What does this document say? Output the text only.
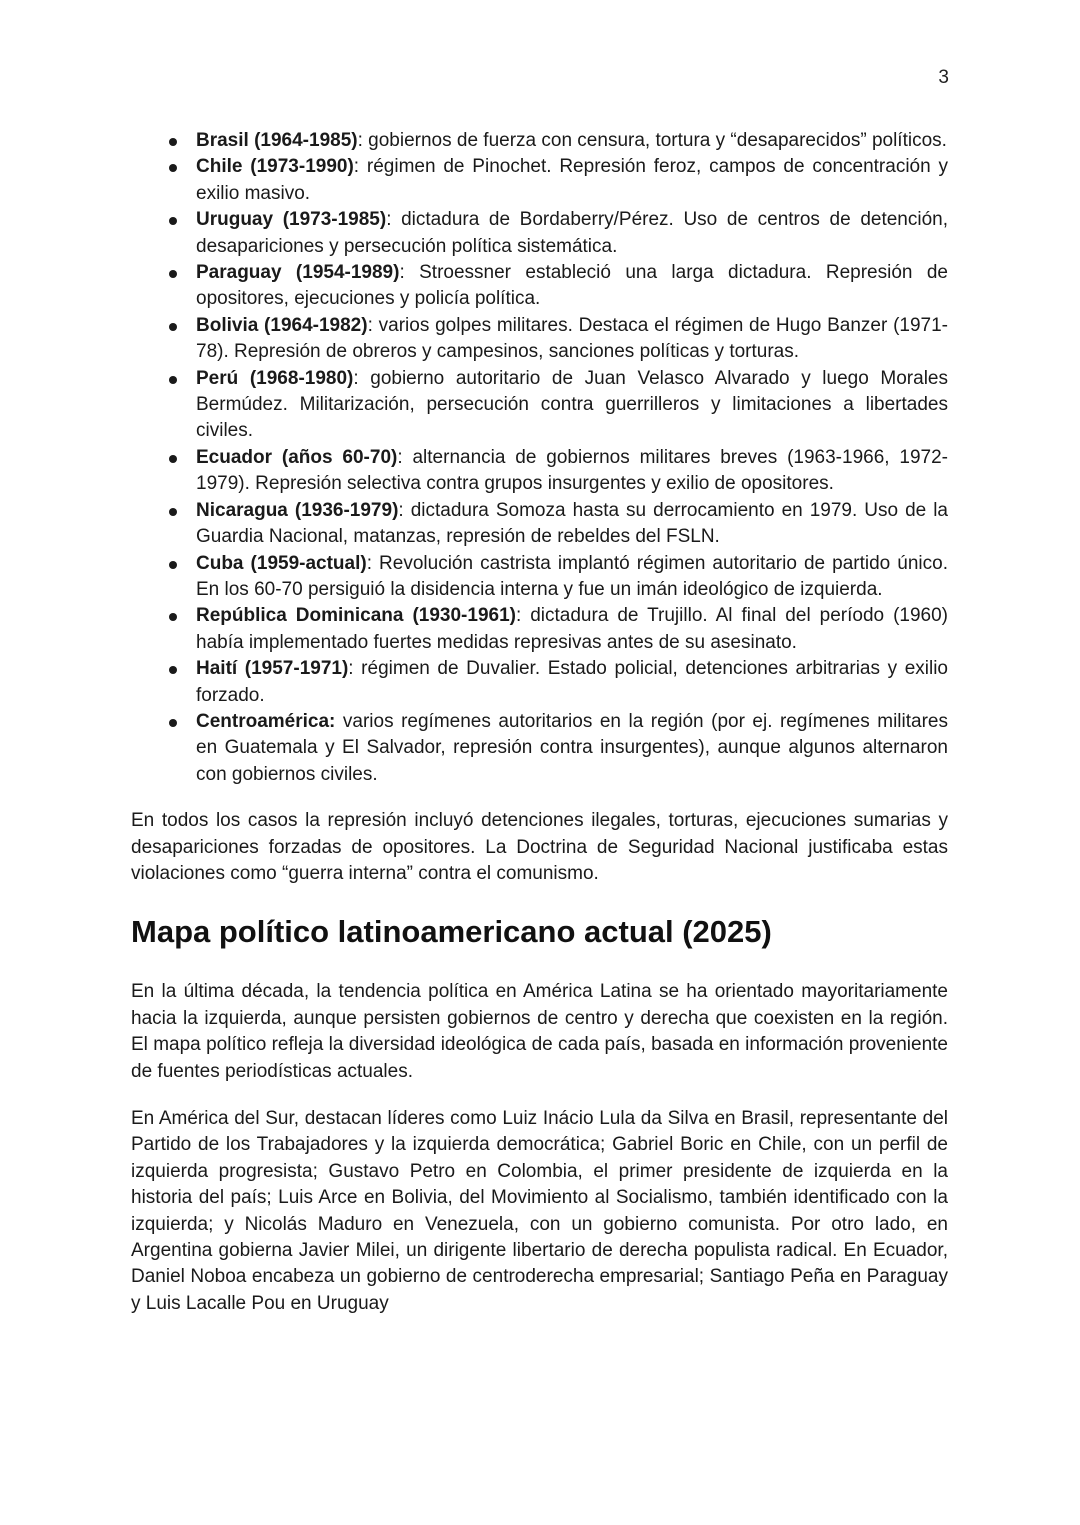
3
Brasil (1964-1985): gobiernos de fuerza con censura, tortura y “desaparecidos” políticos.
Chile (1973-1990): régimen de Pinochet. Represión feroz, campos de concentración y exilio masivo.
Uruguay (1973-1985): dictadura de Bordaberry/Pérez. Uso de centros de detención, desapariciones y persecución política sistemática.
Paraguay (1954-1989): Stroessner estableció una larga dictadura. Represión de opositores, ejecuciones y policía política.
Bolivia (1964-1982): varios golpes militares. Destaca el régimen de Hugo Banzer (1971-78). Represión de obreros y campesinos, sanciones políticas y torturas.
Perú (1968-1980): gobierno autoritario de Juan Velasco Alvarado y luego Morales Bermúdez. Militarización, persecución contra guerrilleros y limitaciones a libertades civiles.
Ecuador (años 60-70): alternancia de gobiernos militares breves (1963-1966, 1972-1979). Represión selectiva contra grupos insurgentes y exilio de opositores.
Nicaragua (1936-1979): dictadura Somoza hasta su derrocamiento en 1979. Uso de la Guardia Nacional, matanzas, represión de rebeldes del FSLN.
Cuba (1959-actual): Revolución castrista implantó régimen autoritario de partido único. En los 60-70 persiguió la disidencia interna y fue un imán ideológico de izquierda.
República Dominicana (1930-1961): dictadura de Trujillo. Al final del período (1960) había implementado fuertes medidas represivas antes de su asesinato.
Haití (1957-1971): régimen de Duvalier. Estado policial, detenciones arbitrarias y exilio forzado.
Centroamérica: varios regímenes autoritarios en la región (por ej. regímenes militares en Guatemala y El Salvador, represión contra insurgentes), aunque algunos alternaron con gobiernos civiles.

En todos los casos la represión incluyó detenciones ilegales, torturas, ejecuciones sumarias y desapariciones forzadas de opositores. La Doctrina de Seguridad Nacional justificaba estas violaciones como “guerra interna” contra el comunismo.

Mapa político latinoamericano actual (2025)

En la última década, la tendencia política en América Latina se ha orientado mayoritariamente hacia la izquierda, aunque persisten gobiernos de centro y derecha que coexisten en la región. El mapa político refleja la diversidad ideológica de cada país, basada en información proveniente de fuentes periodísticas actuales.

En América del Sur, destacan líderes como Luiz Inácio Lula da Silva en Brasil, representante del Partido de los Trabajadores y la izquierda democrática; Gabriel Boric en Chile, con un perfil de izquierda progresista; Gustavo Petro en Colombia, el primer presidente de izquierda en la historia del país; Luis Arce en Bolivia, del Movimiento al Socialismo, también identificado con la izquierda; y Nicolás Maduro en Venezuela, con un gobierno comunista. Por otro lado, en Argentina gobierna Javier Milei, un dirigente libertario de derecha populista radical. En Ecuador, Daniel Noboa encabeza un gobierno de centroderecha empresarial; Santiago Peña en Paraguay y Luis Lacalle Pou en Uruguay
